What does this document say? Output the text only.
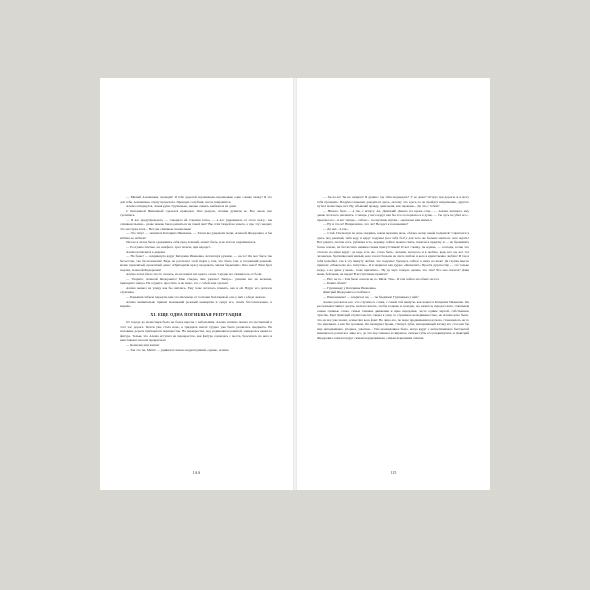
— Милый Алешенька, проводи! Я тебе дорогой хорошенько-хорошенько одно словко скажу! Я это для тебя, Алешенька, сцену проделала. Проводи, голубчик, после понравится.

Алеша отвернулся, ломая руки. Грушенька, звонко смеясь, выбежала из дома.

С Катериной Ивановной сделался припадок. Она рыдала, спазмы душили ее. Все около нее суетились.

— Я вас предупреждала, — говорила ей старшая тетка, — я вас удерживала от этого шагу... вы слишком пылки... разве можно было решиться на такой шаг! Вы этих тварей не знаете, а про эту говорят, что она хуже всех... Нет, вы слишком своевольны!

— Это тигр! — завопила Катерина Ивановна. — Зачем вы удержали меня, Алексей Федорович, я бы избила ее, избила!

Она не в силах была сдерживать себя пред Алешей, может быть, и не хотела сдерживаться.

— Ее нужно плетью, на эшафоте, чрез палача, при народе!..

Алеша попятился к дверям.

— Но боже! — вскрикнула вдруг Катерина Ивановна, всплеснув руками, — он-то! Он мог быть так бесчестен, так бесчеловечен! Ведь он рассказал этой твари о том, что было там, в тогдашний роковой, вечно проклятый, проклятый день! «Приходили красу продавать, милая барышня!» Она знает! Ваш брат подлец, Алексей Федорович!

Алеша хотел было что-то сказать, но не нашел ни одного слова. Сердце его сжималось от боли.

— Уходите, Алексей Федорович! Мне стыдно, мне ужасно! Завтра... умоляю вас на коленях, приходите завтра. Не осудите, простите, я не знаю, что с собой еще сделаю!

Алеша вышел на улицу как бы шатаясь. Ему тоже хотелось плакать, как и ей. Вдруг его догнала служанка.

— Барышня забыла передать вам это письмецо от госпожи Хохлаковой, оно у них с обеда лежало.

Алеша машинально принял маленький розовый конвертик и сунул его, почти бессознательно, в карман.

XI. ЕЩЕ ОДНА ПОГИБШАЯ РЕПУТАЦИЯ

От города до монастыря было не более версты с небольшим. Алеша спешно пошел по пустынной в этот час дороге. Почти уже стала ночь, в тридцати шагах трудно уже было различать предметы. На половине дороги приходился перекресток. На перекрестке, под уединенною ракитой, завиделась какая-то фигура. Только что Алеша вступил на перекресток, как фигура сорвалась с места, бросилась на него и неистовым голосом прокричала:

— Кошелек или жизнь!

— Так это ты, Митя! — удивился сильно вздрогнувший, однако, Алеша.

1АА

— Ха-ха-ха! Ты не ожидал? Я думаю: где тебя подождать? У ее дома? Оттуда три дороги, и я могу тебя прозевать. Надумал наконец дождаться здесь, потому что здесь-то он пройдет непременно, другого пути в монастырь нет. Ну, объявляй правду, дави меня, как таракана... Да что с тобой?

— Ничего, брат, — я так, с испугу. Ах, Дмитрий! Давеча эта кровь отца... — Алеша заплакал, ему давно хотелось заплакать, а теперь у него вдруг как бы что-то порвалось в душе. — Ты чуть не убил его... проклял его... и вот теперь... сейчас... ты шутишь шутки... «кошелек или жизнь!»

— Ну и что ж? Неприлично, что ли? Не идет к положению?

— Да нет... я так...

— Стой. Посмотри на ночь: видишь, какая мрачная ночь, облака, ветер какой поднялся! Спрятался я здесь под ракитой, тебя жду, и вдруг подумал (вот тебе бог!): для чего же больше маяться, чего ждать? Вот ракита, платок есть, рубашка есть, веревку сейчас можно свить, помочи в придачу и — не бременить более землю, не бесчестить низким своим присутствием! И вот слышу, ты идешь, — господи, точно что слетело на меня вдруг: да ведь есть же, стало быть, человек, которого и я люблю, ведь вот он, вот тот человечек, братишка мой милый, кого я всех больше на свете люблю и кого я единственно люблю! И так я тебя полюбил, так в эту минуту любил, что подумал: брошусь сейчас к нему на шею! Да глупая мысль пришла: «Повеселю его, испугаю». Я и закричал как дурак: «Кошелек!» Прости дурачеству — это только вздор, а на душе у меня... тоже прилично... Ну да черт, говори, однако, что там? Что она сказала? Дави меня, бей меня, не щади! В исступление пришла?

— Нет, не то... Там было совсем не то, Митя. Там... Я там сейчас их обеих застал.

— Каких обеих?

— Грушеньку у Катерины Ивановны.

Дмитрий Федорович остолбенел.

— Невозможно! — вскричал он, — ты бредишь! Грушенька у ней?

Алеша рассказал все, что случилось с ним, с самой той минуты, как вошел к Катерине Ивановне. Он рассказывал минут десять, нельзя сказать, чтобы толково и складно, но, кажется, передал ясно, схватывая самые главные слова, самые главные движения и ярко передавая, часто одним чертой, собственное чувство. Брат Дмитрий слушал молча, глядел в упор со страшною неподвижностью, но Алеше ясно было, что он все уже понял, осмыслил весь факт. Но лицо его, по мере продвижения рассказа, становилось не то что мрачным, а как бы грозным. Он нахмурил брови, стиснул зубы, неподвижный взгляд его стал как бы еще неподвижнее, упорнее, ужаснее... Тем неожиданнее было, когда вдруг с непостижимою быстротой изменилось разом все лицо его, до тех пор гневное и свирепое, сжатые губы его раздвинулись, и Дмитрий Федорович залился вдруг самым неудержимым, самым искренним смехом.

115
